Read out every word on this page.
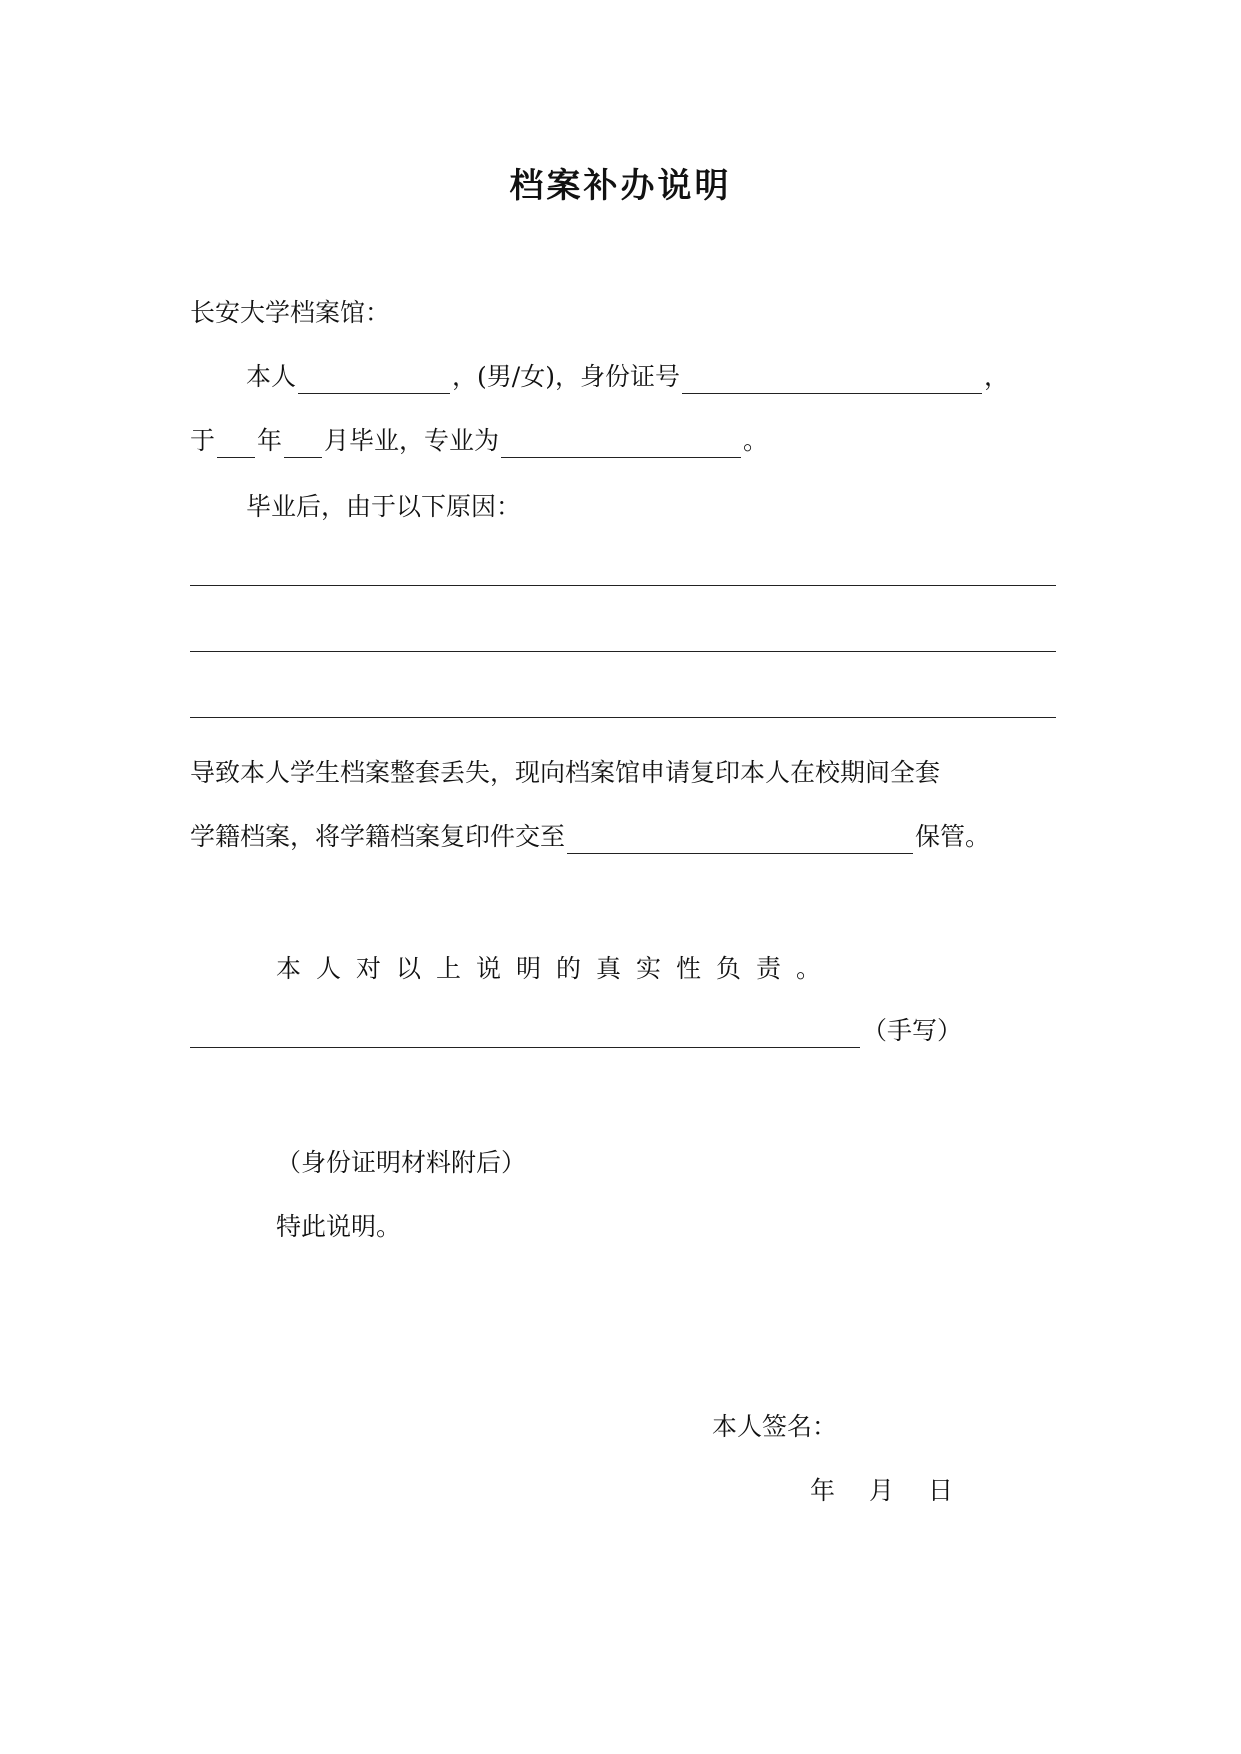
档案补办说明
长安大学档案馆：
本人	，(男/女)，身份证号	，
于 年 月毕业，专业为	。
毕业后，由于以下原因：
导致本人学生档案整套丢失，现向档案馆申请复印本人在校期间全套
学籍档案，将学籍档案复印件交至	保管。
本人对以上说明的真实性负责。
（手写）
（身份证明材料附后）
特此说明。
本人签名：
年 月 日
